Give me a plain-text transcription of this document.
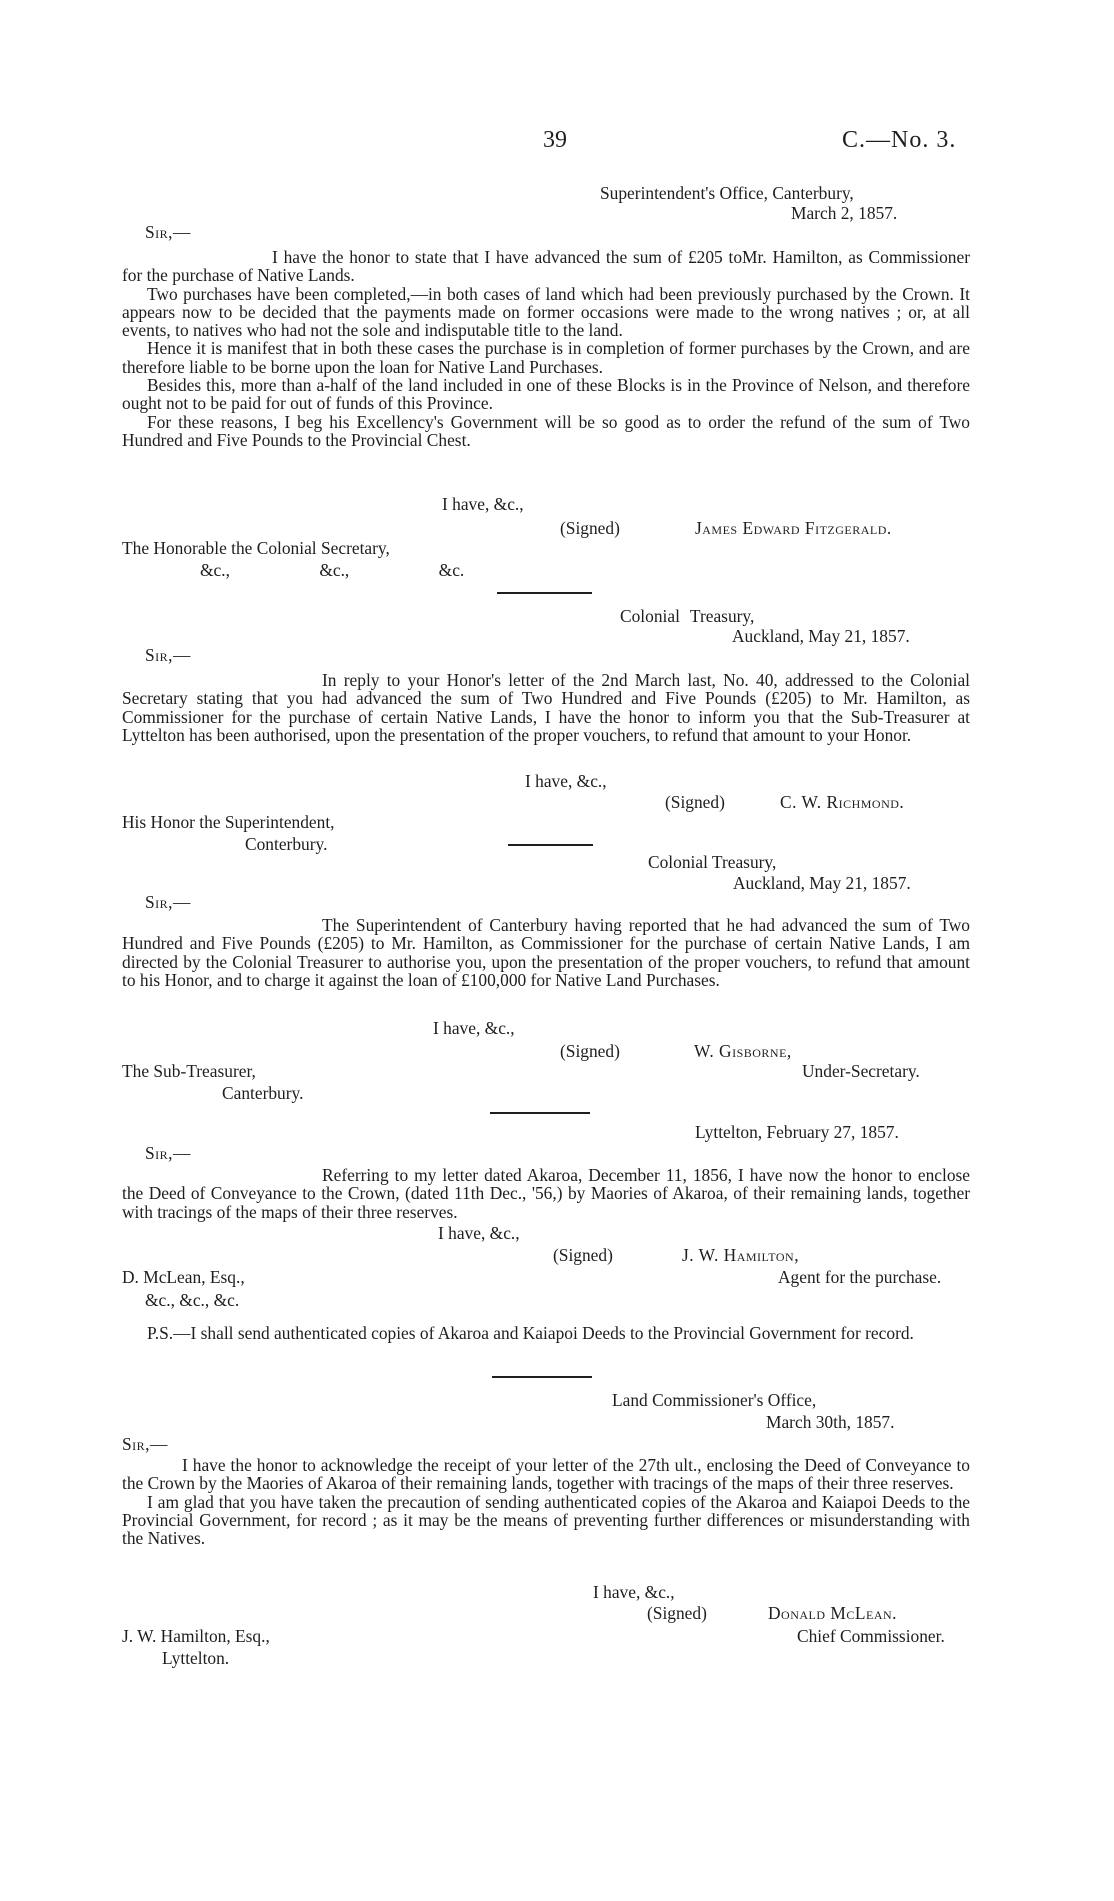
39	C.—No. 3.
Superintendent's Office, Canterbury,
March 2, 1857.
Sir,—

I have the honor to state that I have advanced the sum of £205 toMr. Hamilton, as Commissioner for the purchase of Native Lands.

Two purchases have been completed,—in both cases of land which had been previously purchased by the Crown. It appears now to be decided that the payments made on former occasions were made to the wrong natives ; or, at all events, to natives who had not the sole and indisputable title to the land.

Hence it is manifest that in both these cases the purchase is in completion of former purchases by the Crown, and are therefore liable to be borne upon the loan for Native Land Purchases.

Besides this, more than a-half of the land included in one of these Blocks is in the Province of Nelson, and therefore ought not to be paid for out of funds of this Province.

For these reasons, I beg his Excellency's Government will be so good as to order the refund of the sum of Two Hundred and Five Pounds to the Provincial Chest.

I have, &c.,
(Signed)	James Edward Fitzgerald.
The Honorable the Colonial Secretary,
&c.,    &c.,    &c.
Colonial Treasury,
Auckland, May 21, 1857.
Sir,—

In reply to your Honor's letter of the 2nd March last, No. 40, addressed to the Colonial Secretary stating that you had advanced the sum of Two Hundred and Five Pounds (£205) to Mr. Hamilton, as Commissioner for the purchase of certain Native Lands, I have the honor to inform you that the Sub-Treasurer at Lyttelton has been authorised, upon the presentation of the proper vouchers, to refund that amount to your Honor.

I have, &c.,
(Signed)	C. W. Richmond.
His Honor the Superintendent,
Conterbury.
Colonial Treasury,
Auckland, May 21, 1857.
Sir,—

The Superintendent of Canterbury having reported that he had advanced the sum of Two Hundred and Five Pounds (£205) to Mr. Hamilton, as Commissioner for the purchase of certain Native Lands, I am directed by the Colonial Treasurer to authorise you, upon the presentation of the proper vouchers, to refund that amount to his Honor, and to charge it against the loan of £100,000 for Native Land Purchases.

I have, &c.,
(Signed)	W. Gisborne,
The Sub-Treasurer,	Under-Secretary.
Canterbury.
Lyttelton, February 27, 1857.
Sir,—

Referring to my letter dated Akaroa, December 11, 1856, I have now the honor to enclose the Deed of Conveyance to the Crown, (dated 11th Dec., '56,) by Maories of Akaroa, of their remaining lands, together with tracings of the maps of their three reserves.

I have, &c.,
(Signed)	J. W. Hamilton,
D. McLean, Esq.,	Agent for the purchase.
&c., &c., &c.

P.S.—I shall send authenticated copies of Akaroa and Kaiapoi Deeds to the Provincial Government for record.

Land Commissioner's Office,
March 30th, 1857.
Sir,—

I have the honor to acknowledge the receipt of your letter of the 27th ult., enclosing the Deed of Conveyance to the Crown by the Maories of Akaroa of their remaining lands, together with tracings of the maps of their three reserves.

I am glad that you have taken the precaution of sending authenticated copies of the Akaroa and Kaiapoi Deeds to the Provincial Government, for record ; as it may be the means of preventing further differences or misunderstanding with the Natives.

I have, &c.,
(Signed)	Donald McLean.
J. W. Hamilton, Esq.,	Chief Commissioner.
Lyttelton.
